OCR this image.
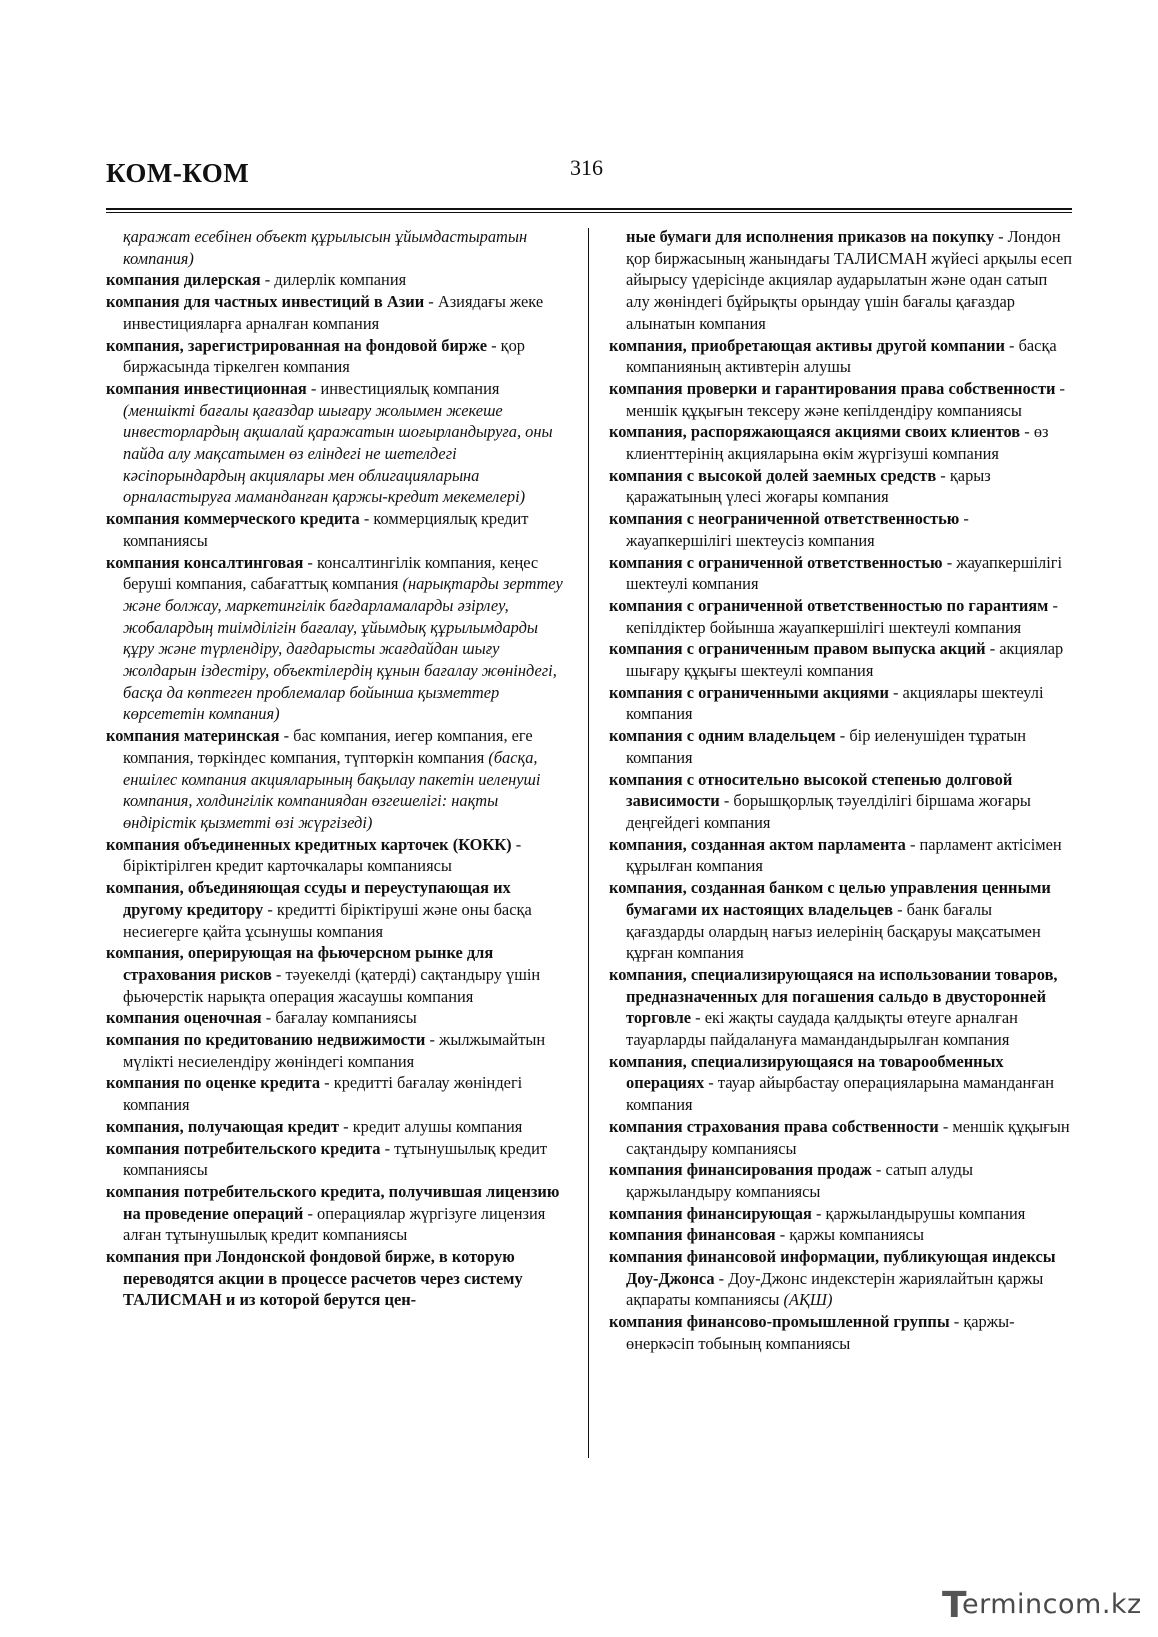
КОМ-КОМ	316

қаражат есебінен объект құрылысын ұйымдастыратын компания)

компания дилерская - дилерлік компания

компания для частных инвестиций в Азии - Азиядағы жеке инвестицияларға арналған компания

компания, зарегистрированная на фондовой бирже - қор биржасында тіркелген компания

компания инвестиционная - инвестициялық компания (меншікті бағалы қағаздар шығару жолымен жекеше инвесторлардың ақшалай қаражатын шоғырландыруға, оны пайда алу мақсатымен өз еліндегі не шетелдегі кәсіпорындардың акциялары мен облигацияларына орналастыруға маманданған қаржы-кредит мекемелері)

компания коммерческого кредита - коммерциялық кредит компаниясы

компания консалтинговая - консалтингілік компания, кеңес беруші компания, сабағаттық компания (нарықтарды зерттеу және болжау, маркетингілік бағдарламаларды әзірлеу, жобалардың тиімділігін бағалау, ұйымдық құрылымдарды құру және түрлендіру, дағдарысты жағдайдан шығу жолдарын іздестіру, объектілердің құнын бағалау жөніндегі, басқа да көптеген проблемалар бойынша қызметтер көрсететін компания)

компания материнская - бас компания, иегер компания, еге компания, төркіндес компания, түптөркін компания (басқа, еншілес компания акцияларының бақылау пакетін иеленуші компания, холдингілік компаниядан өзгешелігі: нақты өндірістік қызметті өзі жүргізеді)

компания объединенных кредитных карточек (КОКК) - біріктірілген кредит карточкалары компаниясы

компания, объединяющая ссуды и переуступающая их другому кредитору - кредитті біріктіруші және оны басқа несиегерге қайта ұсынушы компания

компания, оперирующая на фьючерсном рынке для страхования рисков - тәуекелді (қатерді) сақтандыру үшін фьючерстік нарықта операция жасаушы компания

компания оценочная - бағалау компаниясы

компания по кредитованию недвижимости - жылжымайтын мүлікті несиелендіру жөніндегі компания

компания по оценке кредита - кредитті бағалау жөніндегі компания

компания, получающая кредит - кредит алушы компания

компания потребительского кредита - тұтынушылық кредит компаниясы

компания потребительского кредита, получившая лицензию на проведение операций - операциялар жүргізуге лицензия алған тұтынушылық кредит компаниясы

компания при Лондонской фондовой бирже, в которую переводятся акции в процессе расчетов через систему ТАЛИСМАН и из которой берутся цен-

ные бумаги для исполнения приказов на покупку - Лондон қор биржасының жанындағы ТАЛИСМАН жүйесі арқылы есеп айырысу үдерісінде акциялар аударылатын және одан сатып алу жөніндегі бұйрықты орындау үшін бағалы қағаздар алынатын компания

компания, приобретающая активы другой компании - басқа компанияның активтерін алушы

компания проверки и гарантирования права собственности - меншік құқығын тексеру және кепілдендіру компаниясы

компания, распоряжающаяся акциями своих клиентов - өз клиенттерінің акцияларына өкім жүргізуші компания

компания с высокой долей заемных средств - қарыз қаражатының үлесі жоғары компания

компания с неограниченной ответственностью - жауапкершілігі шектеусіз компания

компания с ограниченной ответственностью - жауапкершілігі шектеулі компания

компания с ограниченной ответственностью по гарантиям - кепілдіктер бойынша жауапкершілігі шектеулі компания

компания с ограниченным правом выпуска акций - акциялар шығару құқығы шектеулі компания

компания с ограниченными акциями - акциялары шектеулі компания

компания с одним владельцем - бір иеленушіден тұратын компания

компания с относительно высокой степенью долговой зависимости - борышқорлық тәуелділігі біршама жоғары деңгейдегі компания

компания, созданная актом парламента - парламент актісімен құрылған компания

компания, созданная банком с целью управления ценными бумагами их настоящих владельцев - банк бағалы қағаздарды олардың нағыз иелерінің басқаруы мақсатымен құрған компания

компания, специализирующаяся на использовании товаров, предназначенных для погашения сальдо в двусторонней торговле - екі жақты саудада қалдықты өтеуге арналған тауарларды пайдалануға мамандандырылған компания

компания, специализирующаяся на товарообменных операциях - тауар айырбастау операцияларына маманданған компания

компания страхования права собственности - меншік құқығын сақтандыру компаниясы

компания финансирования продаж - сатып алуды қаржыландыру компаниясы

компания финансирующая - қаржыландырушы компания

компания финансовая - қаржы компаниясы

компания финансовой информации, публикующая индексы Доу-Джонса - Доу-Джонс индекстерін жариялайтын қаржы ақпараты компаниясы (АҚШ)

компания финансово-промышленной группы - қаржы-өнеркәсіп тобының компаниясы

T
ermincom.kz
